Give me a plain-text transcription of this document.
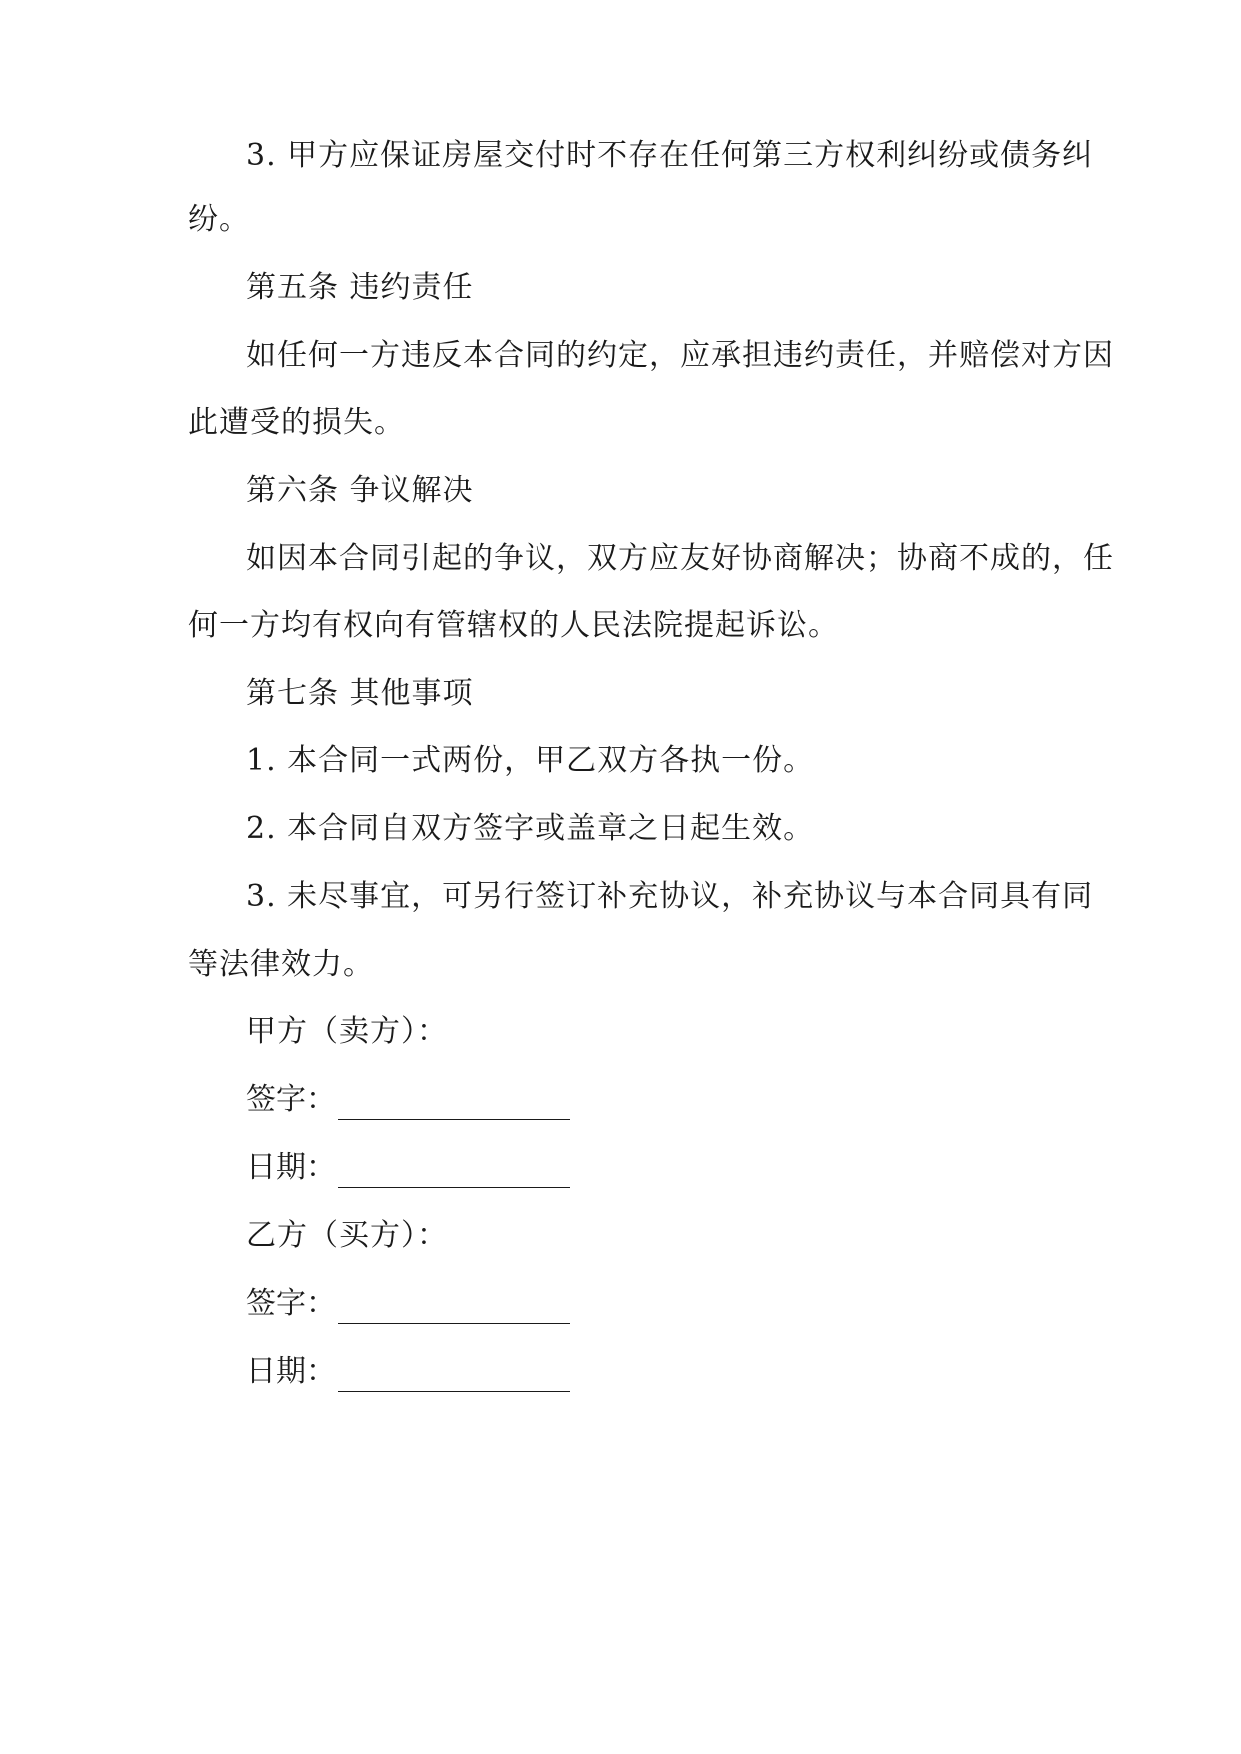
3. 甲方应保证房屋交付时不存在任何第三方权利纠纷或债务纠
纷。
第五条 违约责任
如任何一方违反本合同的约定，应承担违约责任，并赔偿对方因
此遭受的损失。
第六条 争议解决
如因本合同引起的争议，双方应友好协商解决；协商不成的，任
何一方均有权向有管辖权的人民法院提起诉讼。
第七条 其他事项
1. 本合同一式两份，甲乙双方各执一份。
2. 本合同自双方签字或盖章之日起生效。
3. 未尽事宜，可另行签订补充协议，补充协议与本合同具有同
等法律效力。
甲方（卖方）：
签字：
日期：
乙方（买方）：
签字：
日期：
